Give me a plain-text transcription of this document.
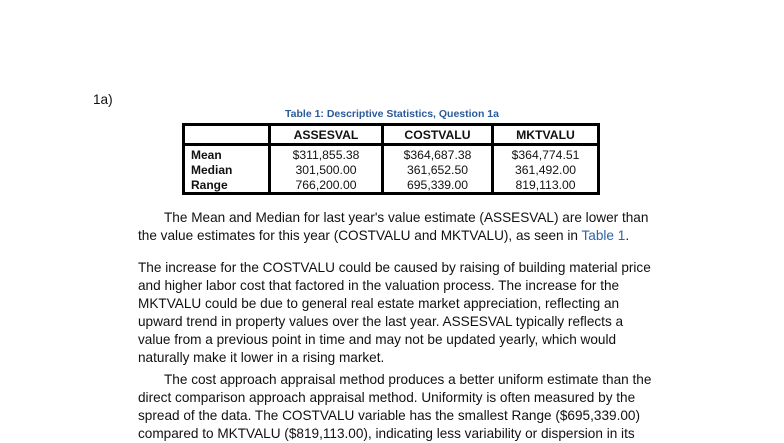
1a)
Table 1: Descriptive Statistics, Question 1a
ASSESVAL	COSTVALU	MKTVALU
Mean
Median
Range
$311,855.38
301,500.00
766,200.00
$364,687.38
361,652.50
695,339.00
$364,774.51
361,492.00
819,113.00
The Mean and Median for last year's value estimate (ASSESVAL) are lower than
the value estimates for this year (COSTVALU and MKTVALU), as seen in Table 1.
The increase for the COSTVALU could be caused by raising of building material price
and higher labor cost that factored in the valuation process. The increase for the
MKTVALU could be due to general real estate market appreciation, reflecting an
upward trend in property values over the last year. ASSESVAL typically reflects a
value from a previous point in time and may not be updated yearly, which would
naturally make it lower in a rising market.
The cost approach appraisal method produces a better uniform estimate than the
direct comparison approach appraisal method. Uniformity is often measured by the
spread of the data. The COSTVALU variable has the smallest Range ($695,339.00)
compared to MKTVALU ($819,113.00), indicating less variability or dispersion in its
